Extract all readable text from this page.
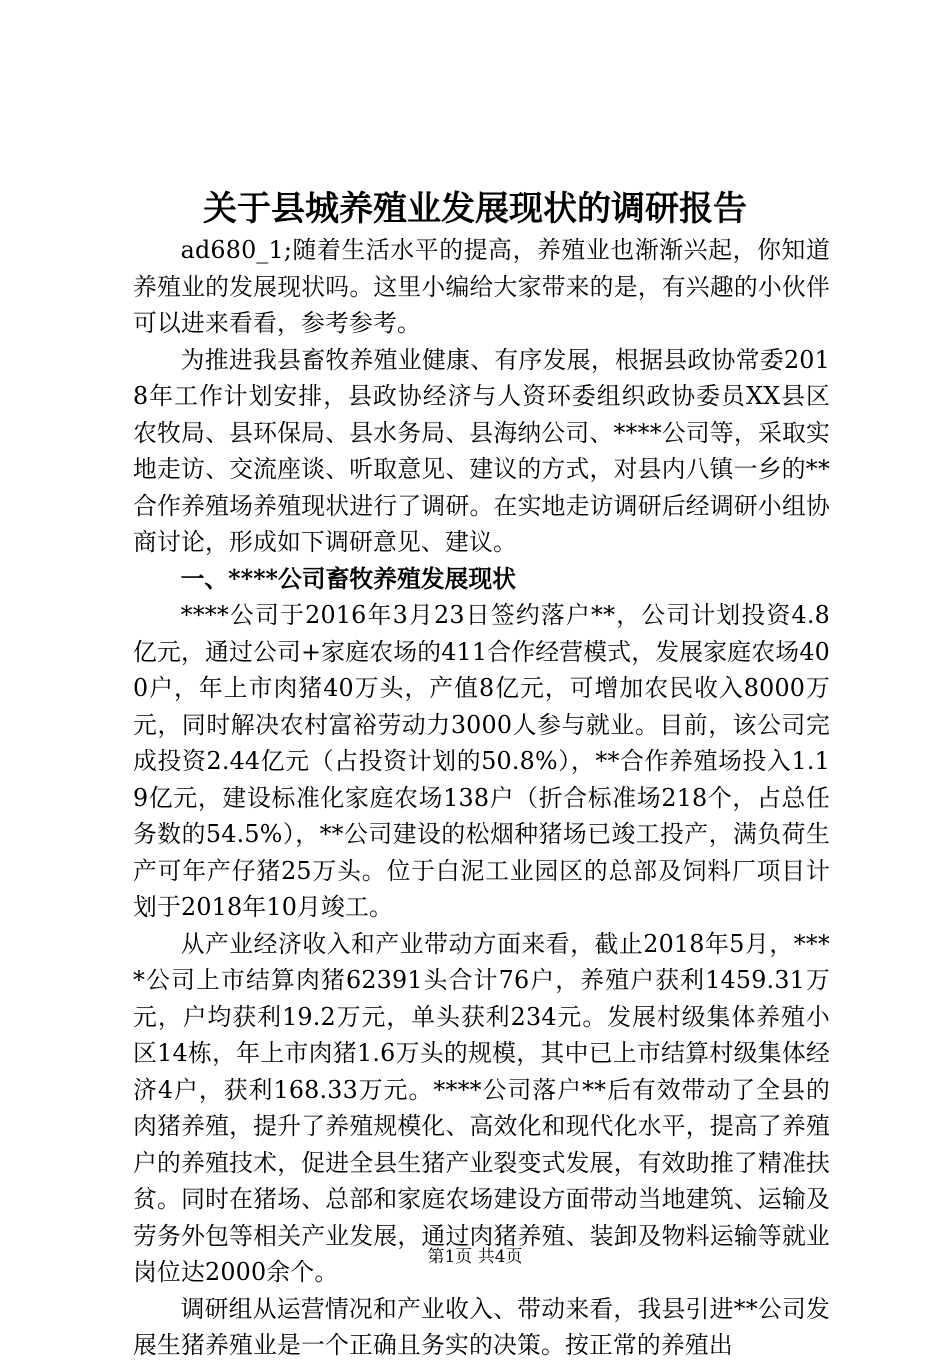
关于县城养殖业发展现状的调研报告

ad680_1;随着生活水平的提高，养殖业也渐渐兴起，你知道养殖业的发展现状吗。这里小编给大家带来的是，有兴趣的小伙伴可以进来看看，参考参考。

为推进我县畜牧养殖业健康、有序发展，根据县政协常委2018年工作计划安排，县政协经济与人资环委组织政协委员XX县区农牧局、县环保局、县水务局、县海纳公司、****公司等，采取实地走访、交流座谈、听取意见、建议的方式，对县内八镇一乡的**合作养殖场养殖现状进行了调研。在实地走访调研后经调研小组协商讨论，形成如下调研意见、建议。

一、****公司畜牧养殖发展现状

****公司于2016年3月23日签约落户**，公司计划投资4.8亿元，通过公司+家庭农场的411合作经营模式，发展家庭农场400户，年上市肉猪40万头，产值8亿元，可增加农民收入8000万元，同时解决农村富裕劳动力3000人参与就业。目前，该公司完成投资2.44亿元（占投资计划的50.8%），**合作养殖场投入1.19亿元，建设标准化家庭农场138户（折合标准场218个，占总任务数的54.5%），**公司建设的松烟种猪场已竣工投产，满负荷生产可年产仔猪25万头。位于白泥工业园区的总部及饲料厂项目计划于2018年10月竣工。

从产业经济收入和产业带动方面来看，截止2018年5月，****公司上市结算肉猪62391头合计76户，养殖户获利1459.31万元，户均获利19.2万元，单头获利234元。发展村级集体养殖小区14栋，年上市肉猪1.6万头的规模，其中已上市结算村级集体经济4户，获利168.33万元。****公司落户**后有效带动了全县的肉猪养殖，提升了养殖规模化、高效化和现代化水平，提高了养殖户的养殖技术，促进全县生猪产业裂变式发展，有效助推了精准扶贫。同时在猪场、总部和家庭农场建设方面带动当地建筑、运输及劳务外包等相关产业发展，通过肉猪养殖、装卸及物料运输等就业岗位达2000余个。

调研组从运营情况和产业收入、带动来看，我县引进**公司发展生猪养殖业是一个正确且务实的决策。按正常的养殖出

第1页 共4页
